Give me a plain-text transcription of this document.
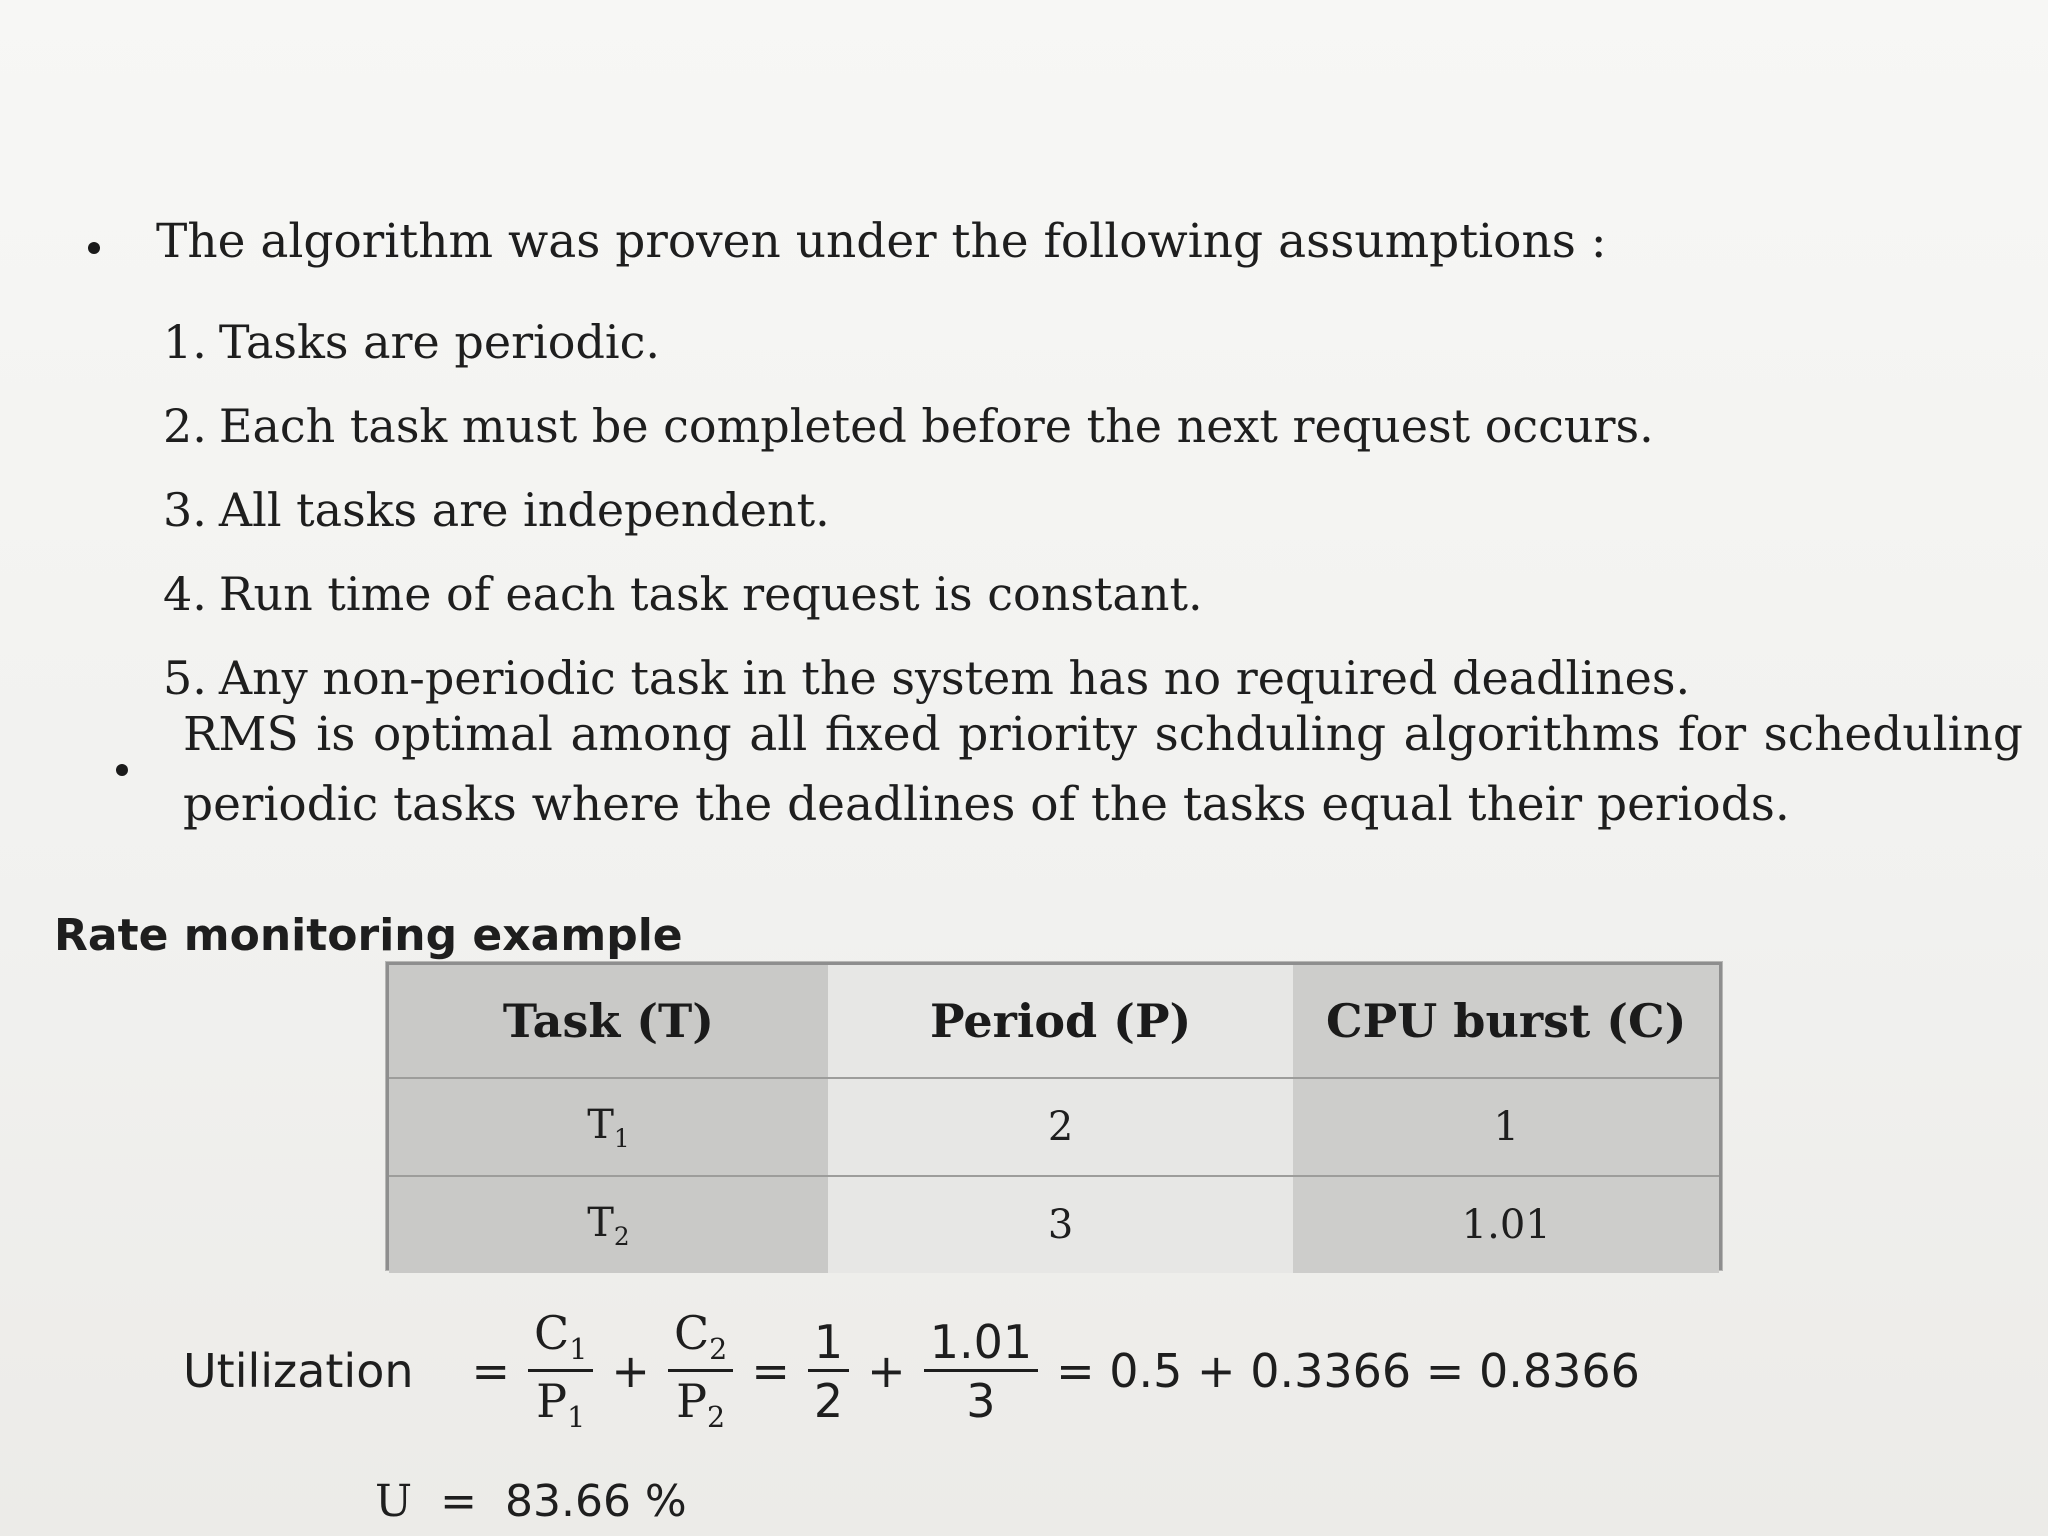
The algorithm was proven under the following assumptions :
1. Tasks are periodic.
2. Each task must be completed before the next request occurs.
3. All tasks are independent.
4. Run time of each task request is constant.
5. Any non-periodic task in the system has no required deadlines.
RMS is optimal among all fixed priority schduling algorithms for scheduling periodic tasks where the deadlines of the tasks equal their periods.
Rate monitoring example
Task (T)	Period (P)	CPU burst (C)
$T_1$	2	1
$T_2$	3	1.01
Utilization = $\frac{C_1}{P_1} + \frac{C_2}{P_2} = \frac{1}{2} + \frac{1.01}{3} = 0.5 + 0.3366 = 0.8366$
U = 83.66 %
